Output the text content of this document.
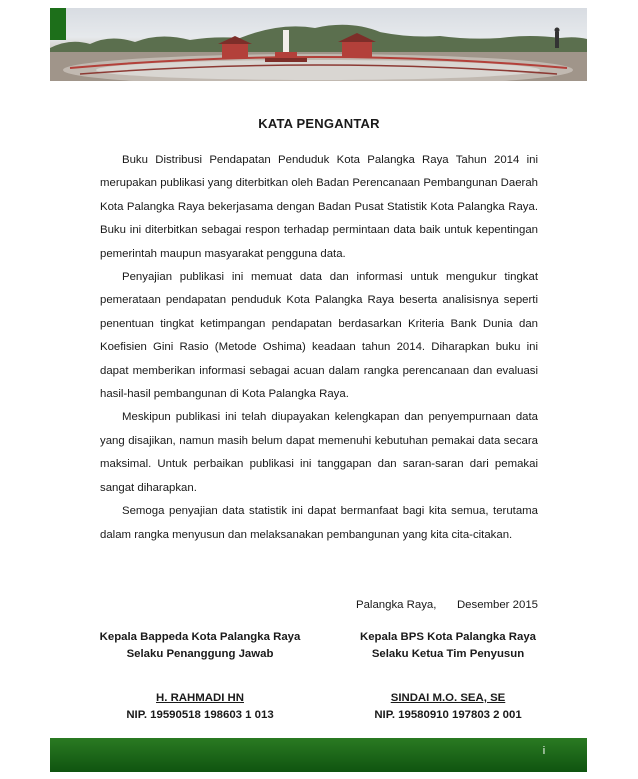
KATA PENGANTAR

Buku Distribusi Pendapatan Penduduk Kota Palangka Raya Tahun 2014 ini merupakan publikasi yang diterbitkan oleh Badan Perencanaan Pembangunan Daerah Kota Palangka Raya bekerjasama dengan Badan Pusat Statistik Kota Palangka Raya. Buku ini diterbitkan sebagai respon terhadap permintaan data baik untuk kepentingan pemerintah maupun masyarakat pengguna data.

Penyajian publikasi ini memuat data dan informasi untuk mengukur tingkat pemerataan pendapatan penduduk Kota Palangka Raya beserta analisisnya seperti penentuan tingkat ketimpangan pendapatan berdasarkan Kriteria Bank Dunia dan Koefisien Gini Rasio (Metode Oshima) keadaan tahun 2014. Diharapkan buku ini dapat memberikan informasi sebagai acuan dalam rangka perencanaan dan evaluasi hasil-hasil pembangunan di Kota Palangka Raya.

Meskipun publikasi ini telah diupayakan kelengkapan dan penyempurnaan data yang disajikan, namun masih belum dapat memenuhi kebutuhan pemakai data secara maksimal. Untuk perbaikan publikasi ini tanggapan dan saran-saran dari pemakai sangat diharapkan.

Semoga penyajian data statistik ini dapat bermanfaat bagi kita semua, terutama dalam rangka menyusun dan melaksanakan pembangunan yang kita cita-citakan.

Palangka Raya, Desember 2015
Kepala Bappeda Kota Palangka Raya
Selaku Penanggung Jawab
Kepala BPS Kota Palangka Raya
Selaku Ketua Tim Penyusun
H. RAHMADI HN
NIP. 19590518 198603 1 013
SINDAI M.O. SEA, SE
NIP. 19580910 197803 2 001
i
